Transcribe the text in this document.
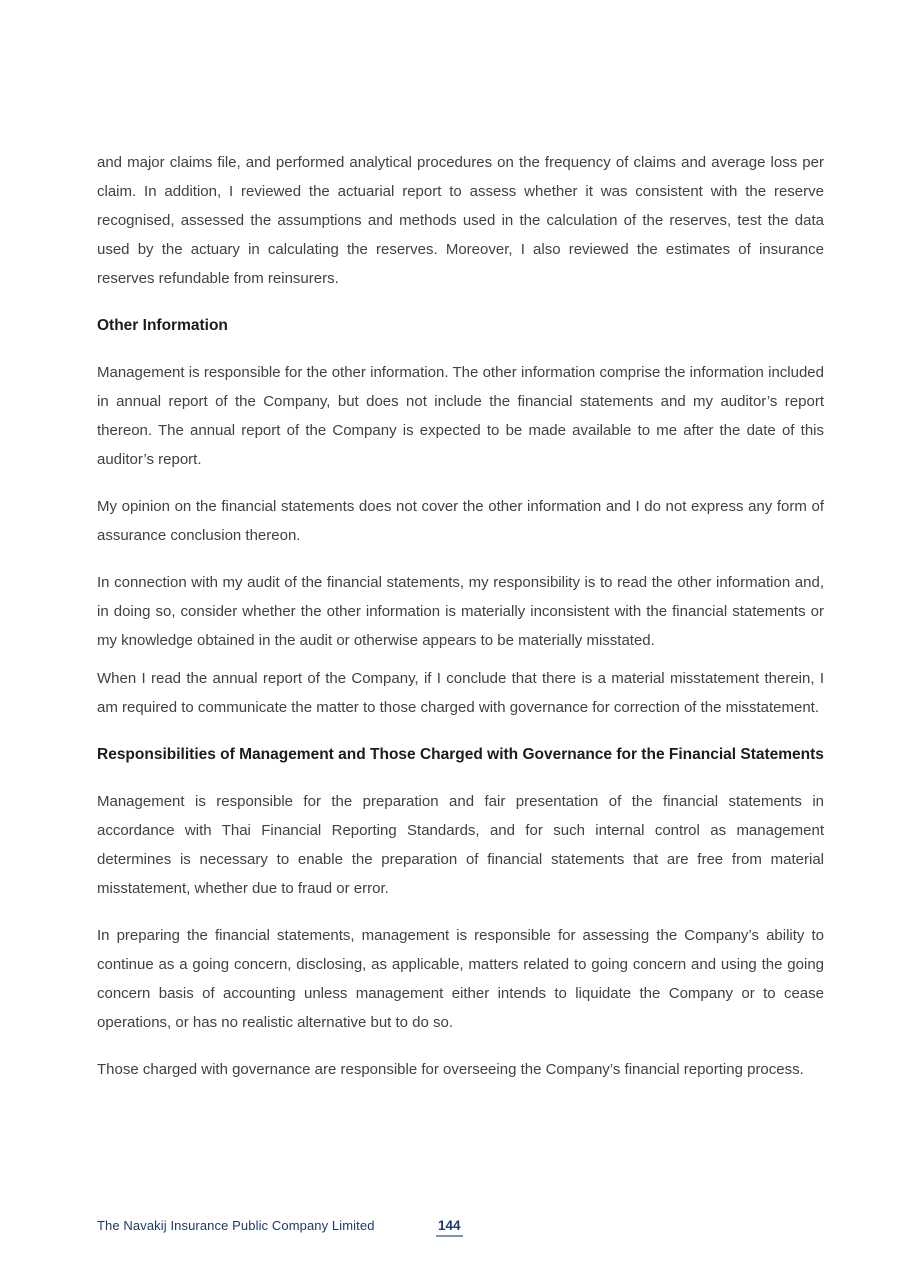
and major claims file, and performed analytical procedures on the frequency of claims and average loss per claim. In addition, I reviewed the actuarial report to assess whether it was consistent with the reserve recognised, assessed the assumptions and methods used in the calculation of the reserves, test the data used by the actuary in calculating the reserves. Moreover, I also reviewed the estimates of insurance reserves refundable from reinsurers.

Other Information

Management is responsible for the other information. The other information comprise the information included in annual report of the Company, but does not include the financial statements and my auditor’s report thereon. The annual report of the Company is expected to be made available to me after the date of this auditor’s report.

My opinion on the financial statements does not cover the other information and I do not express any form of assurance conclusion thereon.

In connection with my audit of the financial statements, my responsibility is to read the other information and, in doing so, consider whether the other information is materially inconsistent with the financial statements or my knowledge obtained in the audit or otherwise appears to be materially misstated.

When I read the annual report of the Company, if I conclude that there is a material misstatement therein, I am required to communicate the matter to those charged with governance for correction of the misstatement.

Responsibilities of Management and Those Charged with Governance for the Financial Statements

Management is responsible for the preparation and fair presentation of the financial statements in accordance with Thai Financial Reporting Standards, and for such internal control as management determines is necessary to enable the preparation of financial statements that are free from material misstatement, whether due to fraud or error.

In preparing the financial statements, management is responsible for assessing the Company’s ability to continue as a going concern, disclosing, as applicable, matters related to going concern and using the going concern basis of accounting unless management either intends to liquidate the Company or to cease operations, or has no realistic alternative but to do so.

Those charged with governance are responsible for overseeing the Company’s financial reporting process.

The Navakij Insurance Public Company Limited	144
